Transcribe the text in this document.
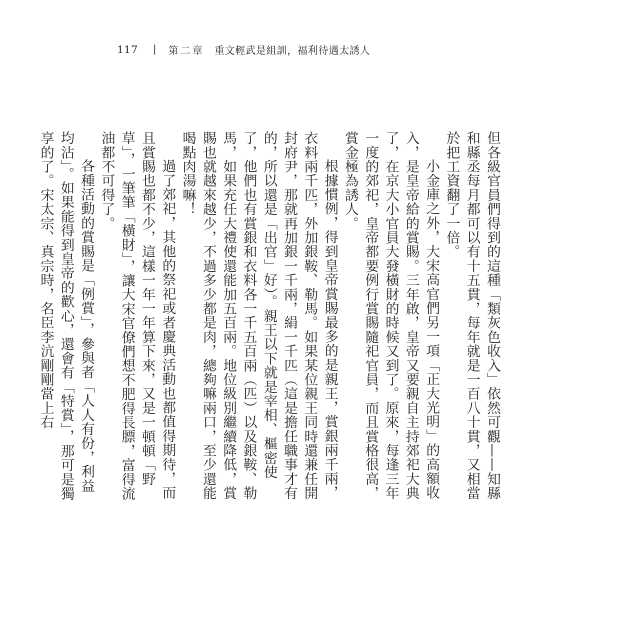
117 | 第二章 重文輕武是組訓，福利待遇太誘人

但各級官員們得到的這種「類灰色收入」依然可觀——知縣和縣丞每月都可以有十五貫，每年就是一百八十貫，又相當於把工資翻了一倍。

小金庫之外，大宋高官們另一項「正大光明」的高額收入，是皇帝給的賞賜。三年啟，皇帝又要親自主持郊祀大典了，在京大小官員大發橫財的時候又到了。原來，每逢三年一度的郊祀，皇帝都要例行賞賜隨祀官員，而且賞格很高，賞金極為誘人。

根據慣例，得到皇帝賞賜最多的是親王，賞銀兩千兩，衣料兩千匹，外加銀鞍、勒馬。如果某位親王同時還兼任開封府尹，那就再加銀一千兩，絹一千匹（這是擔任職事才有的，所以還是「出官」好）。親王以下就是宰相、樞密使了，他們也有賞銀和衣料各一千五百兩（匹）以及銀鞍、勒馬，如果充任大禮使還能加五百兩。地位級別繼續降低，賞賜也就越來越少，不過多少都是肉，總夠嘛兩口，至少還能喝點肉湯嘛！

過了郊祀，其他的祭祀或者慶典活動也都值得期待，而且賞賜也都不少，這樣一年一年算下來，又是一頓頓「野草」，一筆筆「橫財」，讓大宋官僚們想不肥得長膘，富得流油都不可得了。

各種活動的賞賜是「例賞」，參與者「人人有份，利益均沾」。如果能得到皇帝的歡心，還會有「特賞」，那可是獨享的了。宋太宗、真宗時，名臣李沆剛剛當上右
